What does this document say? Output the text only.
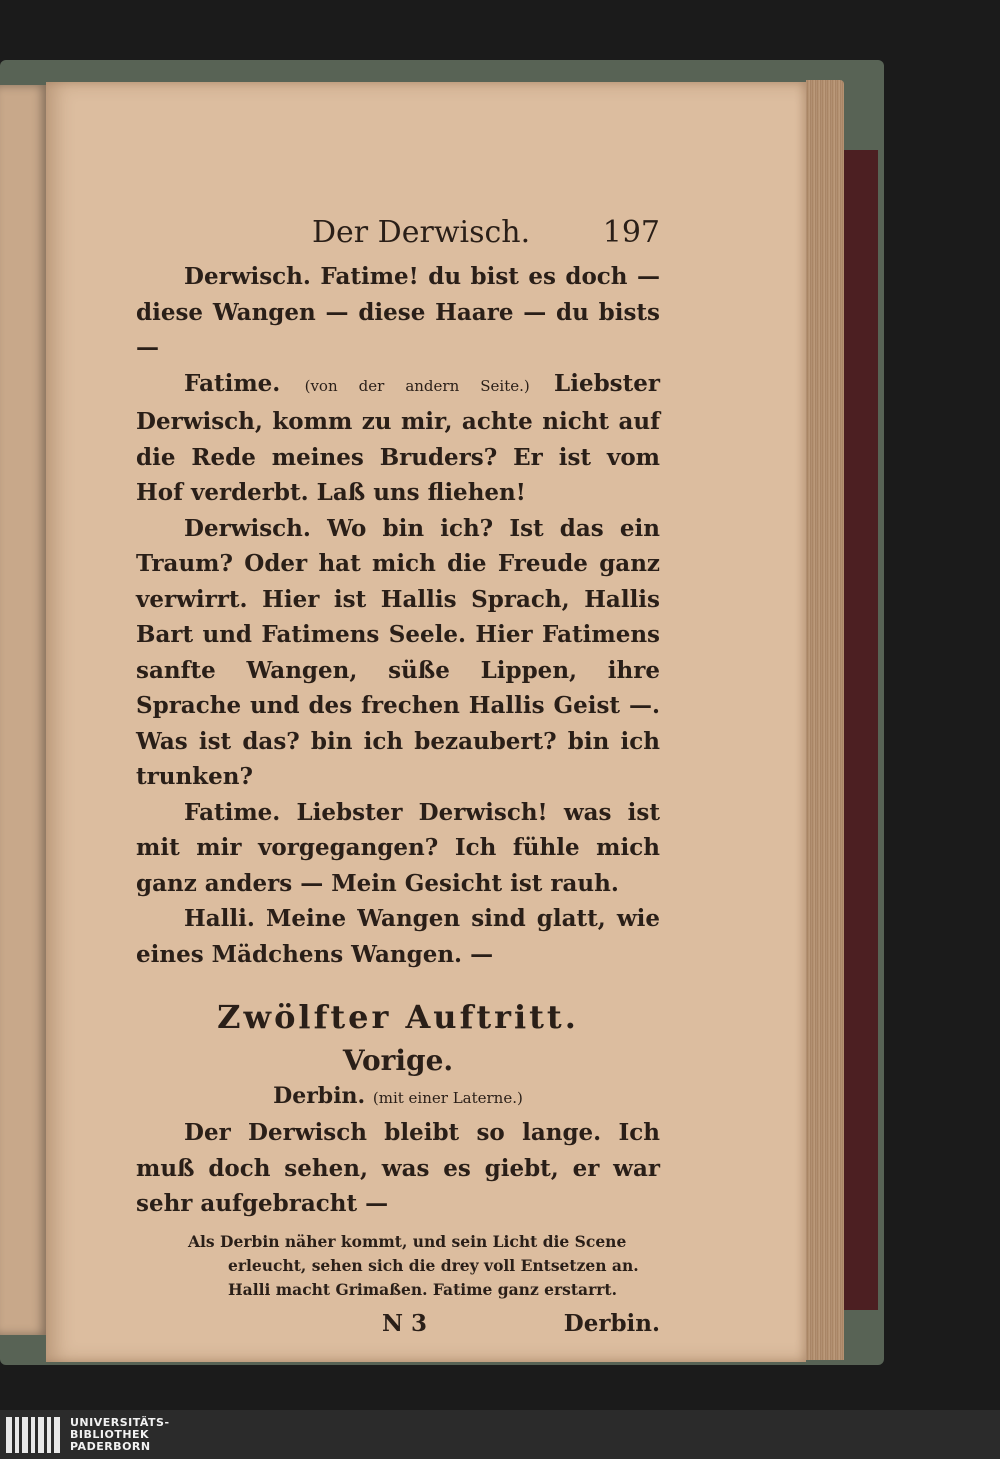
Der Derwisch. 197

Derwisch. Fatime! du bist es doch — diese Wangen — diese Haare — du bists —

Fatime. (von der andern Seite.) Liebster Derwisch, komm zu mir, achte nicht auf die Rede meines Bruders? Er ist vom Hof verderbt. Laß uns fliehen!

Derwisch. Wo bin ich? Ist das ein Traum? Oder hat mich die Freude ganz verwirrt. Hier ist Hallis Sprach, Hallis Bart und Fatimens Seele. Hier Fatimens sanfte Wangen, süße Lippen, ihre Sprache und des frechen Hallis Geist —. Was ist das? bin ich bezaubert? bin ich trunken?

Fatime. Liebster Derwisch! was ist mit mir vorgegangen? Ich fühle mich ganz anders — Mein Gesicht ist rauh.

Halli. Meine Wangen sind glatt, wie eines Mädchens Wangen. —

Zwölfter Auftritt.
Vorige.
Derbin. (mit einer Laterne.)

Der Derwisch bleibt so lange. Ich muß doch sehen, was es giebt, er war sehr aufgebracht —

Als Derbin näher kommt, und sein Licht die Scene erleucht, sehen sich die drey voll Entsetzen an. Halli macht Grimaßen. Fatime ganz erstarrt.

N 3	Derbin.
UNIVERSITÄTS-
BIBLIOTHEK
PADERBORN
